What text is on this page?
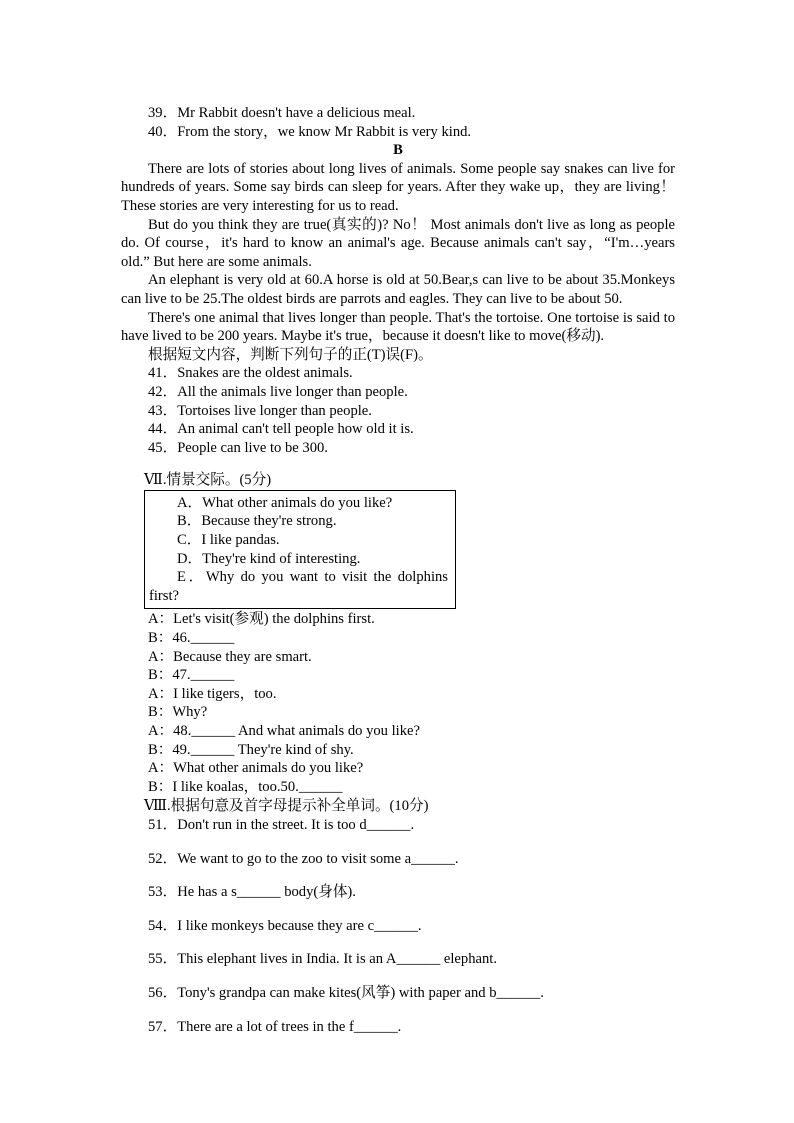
39．Mr Rabbit doesn't have a delicious meal.
40．From the story，we know Mr Rabbit is very kind.
B
There are lots of stories about long lives of animals. Some people say snakes can live for hundreds of years. Some say birds can sleep for years. After they wake up，they are living！ These stories are very interesting for us to read.
But do you think they are true(真实的)? No！ Most animals don't live as long as people do. Of course，it's hard to know an animal's age. Because animals can't say，“I'm…years old.” But here are some animals.
An elephant is very old at 60.A horse is old at 50.Bear,s can live to be about 35.Monkeys can live to be 25.The oldest birds are parrots and eagles. They can live to be about 50.
There's one animal that lives longer than people. That's the tortoise. One tortoise is said to have lived to be 200 years. Maybe it's true，because it doesn't like to move(移动).
根据短文内容，判断下列句子的正(T)误(F)。
41．Snakes are the oldest animals.
42．All the animals live longer than people.
43．Tortoises live longer than people.
44．An animal can't tell people how old it is.
45．People can live to be 300.
Ⅶ.情景交际。(5分)
A．What other animals do you like?
B．Because they're strong.
C．I like pandas.
D．They're kind of interesting.
E．Why do you want to visit the dolphins first?
A：Let's visit(参观) the dolphins first.
B：46.______
A：Because they are smart.
B：47.______
A：I like tigers，too.
B：Why?
A：48.______ And what animals do you like?
B：49.______ They're kind of shy.
A：What other animals do you like?
B：I like koalas，too.50.______
Ⅷ.根据句意及首字母提示补全单词。(10分)
51．Don't run in the street. It is too d______.
52．We want to go to the zoo to visit some a______.
53．He has a s______ body(身体).
54．I like monkeys because they are c______.
55．This elephant lives in India. It is an A______ elephant.
56．Tony's grandpa can make kites(风筝) with paper and b______.
57．There are a lot of trees in the f______.
